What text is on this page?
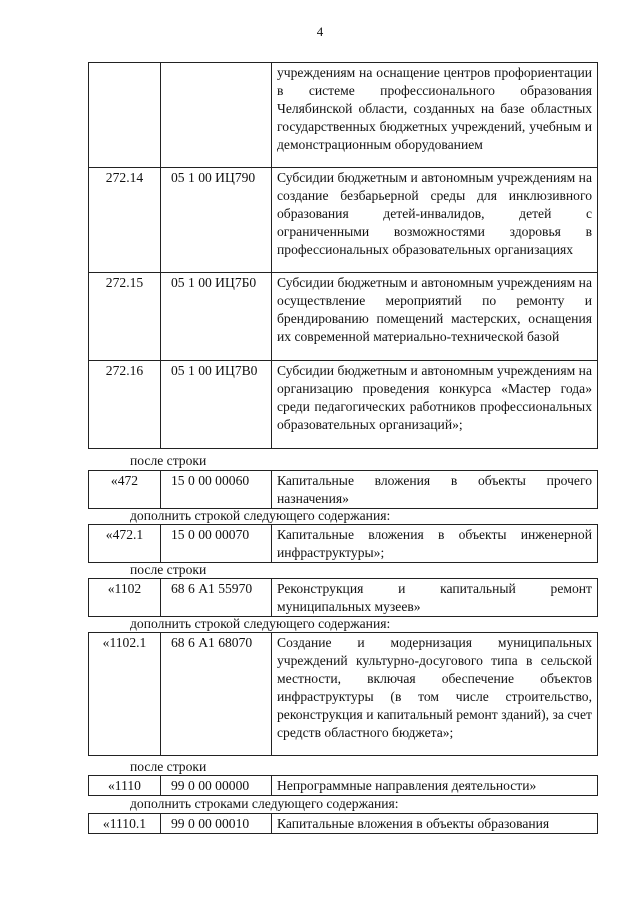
4
		учреждениям на оснащение центров профориентации в системе профессионального образования Челябинской области, созданных на базе областных государственных бюджетных учреждений, учебным и демонстрационным оборудованием
272.14	05 1 00 ИЦ790	Субсидии бюджетным и автономным учреждениям на создание безбарьерной среды для инклюзивного образования детей-инвалидов, детей с ограниченными возможностями здоровья в профессиональных образовательных организациях
272.15	05 1 00 ИЦ7Б0	Субсидии бюджетным и автономным учреждениям на осуществление мероприятий по ремонту и брендированию помещений мастерских, оснащения их современной материально-технической базой
272.16	05 1 00 ИЦ7В0	Субсидии бюджетным и автономным учреждениям на организацию проведения конкурса «Мастер года» среди педагогических работников профессиональных образовательных организаций»;
после строки
«472	15 0 00 00060	Капитальные вложения в объекты прочего назначения»
дополнить строкой следующего содержания:
«472.1	15 0 00 00070	Капитальные вложения в объекты инженерной инфраструктуры»;
после строки
«1102	68 6 А1 55970	Реконструкция и капитальный ремонт муниципальных музеев»
дополнить строкой следующего содержания:
«1102.1	68 6 А1 68070	Создание и модернизация муниципальных учреждений культурно-досугового типа в сельской местности, включая обеспечение объектов инфраструктуры (в том числе строительство, реконструкция и капитальный ремонт зданий), за счет средств областного бюджета»;
после строки
«1110	99 0 00 00000	Непрограммные направления деятельности»
дополнить строками следующего содержания:
«1110.1	99 0 00 00010	Капитальные вложения в объекты образования
